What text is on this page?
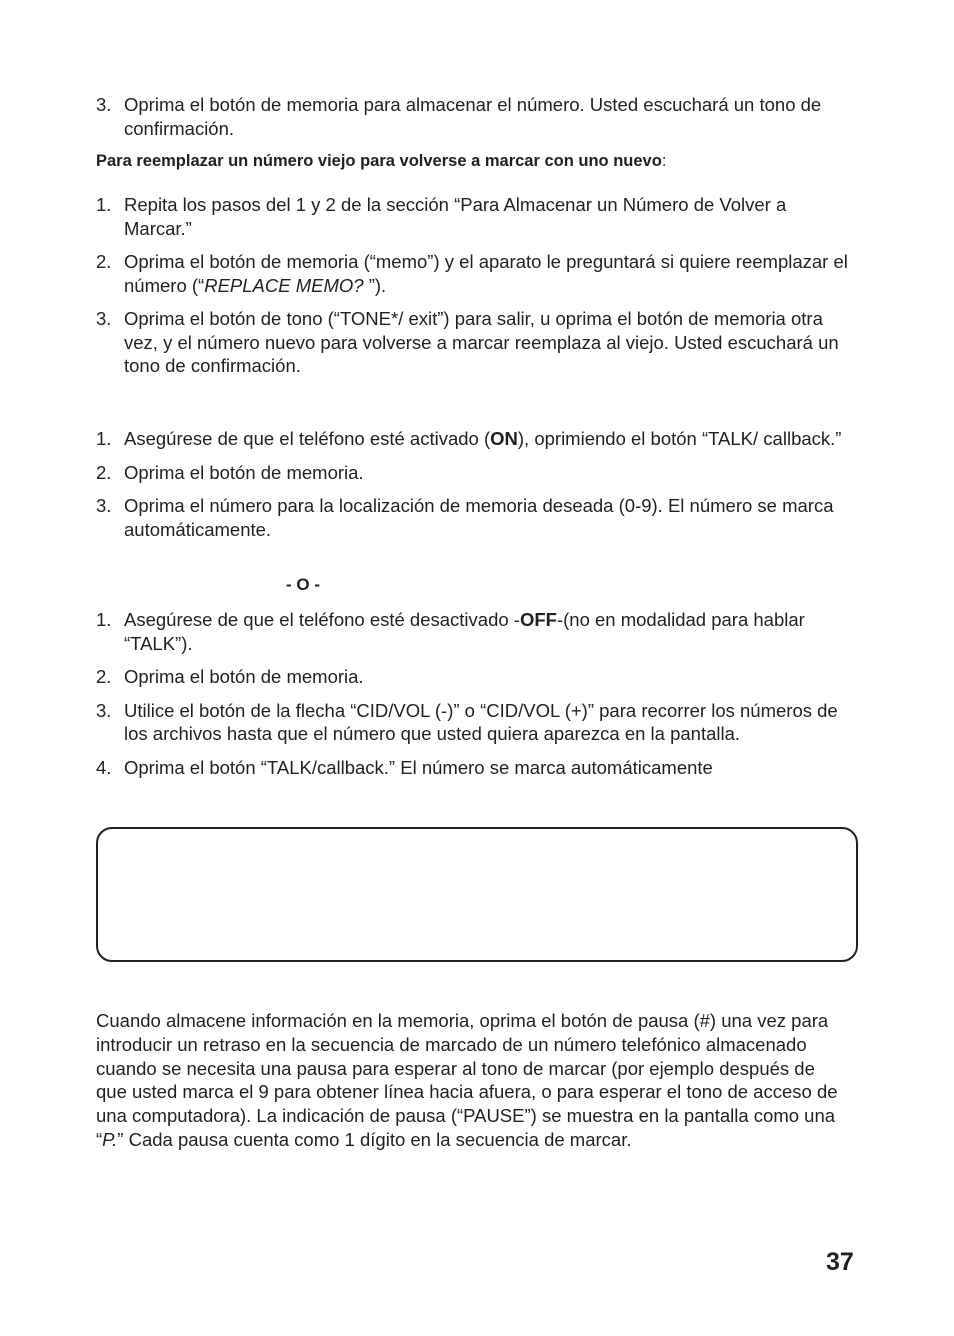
3. Oprima el botón de memoria para almacenar el número. Usted escuchará un tono de confirmación.
Para reemplazar un número viejo para volverse a marcar con uno nuevo:
1. Repita los pasos del 1 y 2 de la sección “Para Almacenar un Número de Volver a Marcar.”
2. Oprima el botón de memoria (“memo”) y el aparato le preguntará si quiere reemplazar el número (“REPLACE MEMO? ”).
3. Oprima el botón de tono (“TONE*/ exit”) para salir, u oprima el botón de memoria otra vez, y el número nuevo para volverse a marcar reemplaza al viejo. Usted escuchará un tono de confirmación.
1. Asegúrese de que el teléfono esté activado (ON), oprimiendo el botón “TALK/ callback.”
2. Oprima el botón de memoria.
3. Oprima el número para la localización de memoria deseada (0-9). El número se marca automáticamente.
- O -
1. Asegúrese de que el teléfono esté desactivado -OFF-(no en modalidad para hablar “TALK”).
2. Oprima el botón de memoria.
3. Utilice el botón de la flecha “CID/VOL (-)” o “CID/VOL (+)” para recorrer los números de los archivos hasta que el número que usted quiera aparezca en la pantalla.
4. Oprima el botón “TALK/callback.” El número se marca automáticamente

Cuando almacene información en la memoria, oprima el botón de pausa (#) una vez para introducir un retraso en la secuencia de marcado de un número telefónico almacenado cuando se necesita una pausa para esperar al tono de marcar (por ejemplo después de que usted marca el 9 para obtener línea hacia afuera, o para esperar el tono de acceso de una computadora). La indicación de pausa (“PAUSE”) se muestra en la pantalla como una “P.” Cada pausa cuenta como 1 dígito en la secuencia de marcar.

37
